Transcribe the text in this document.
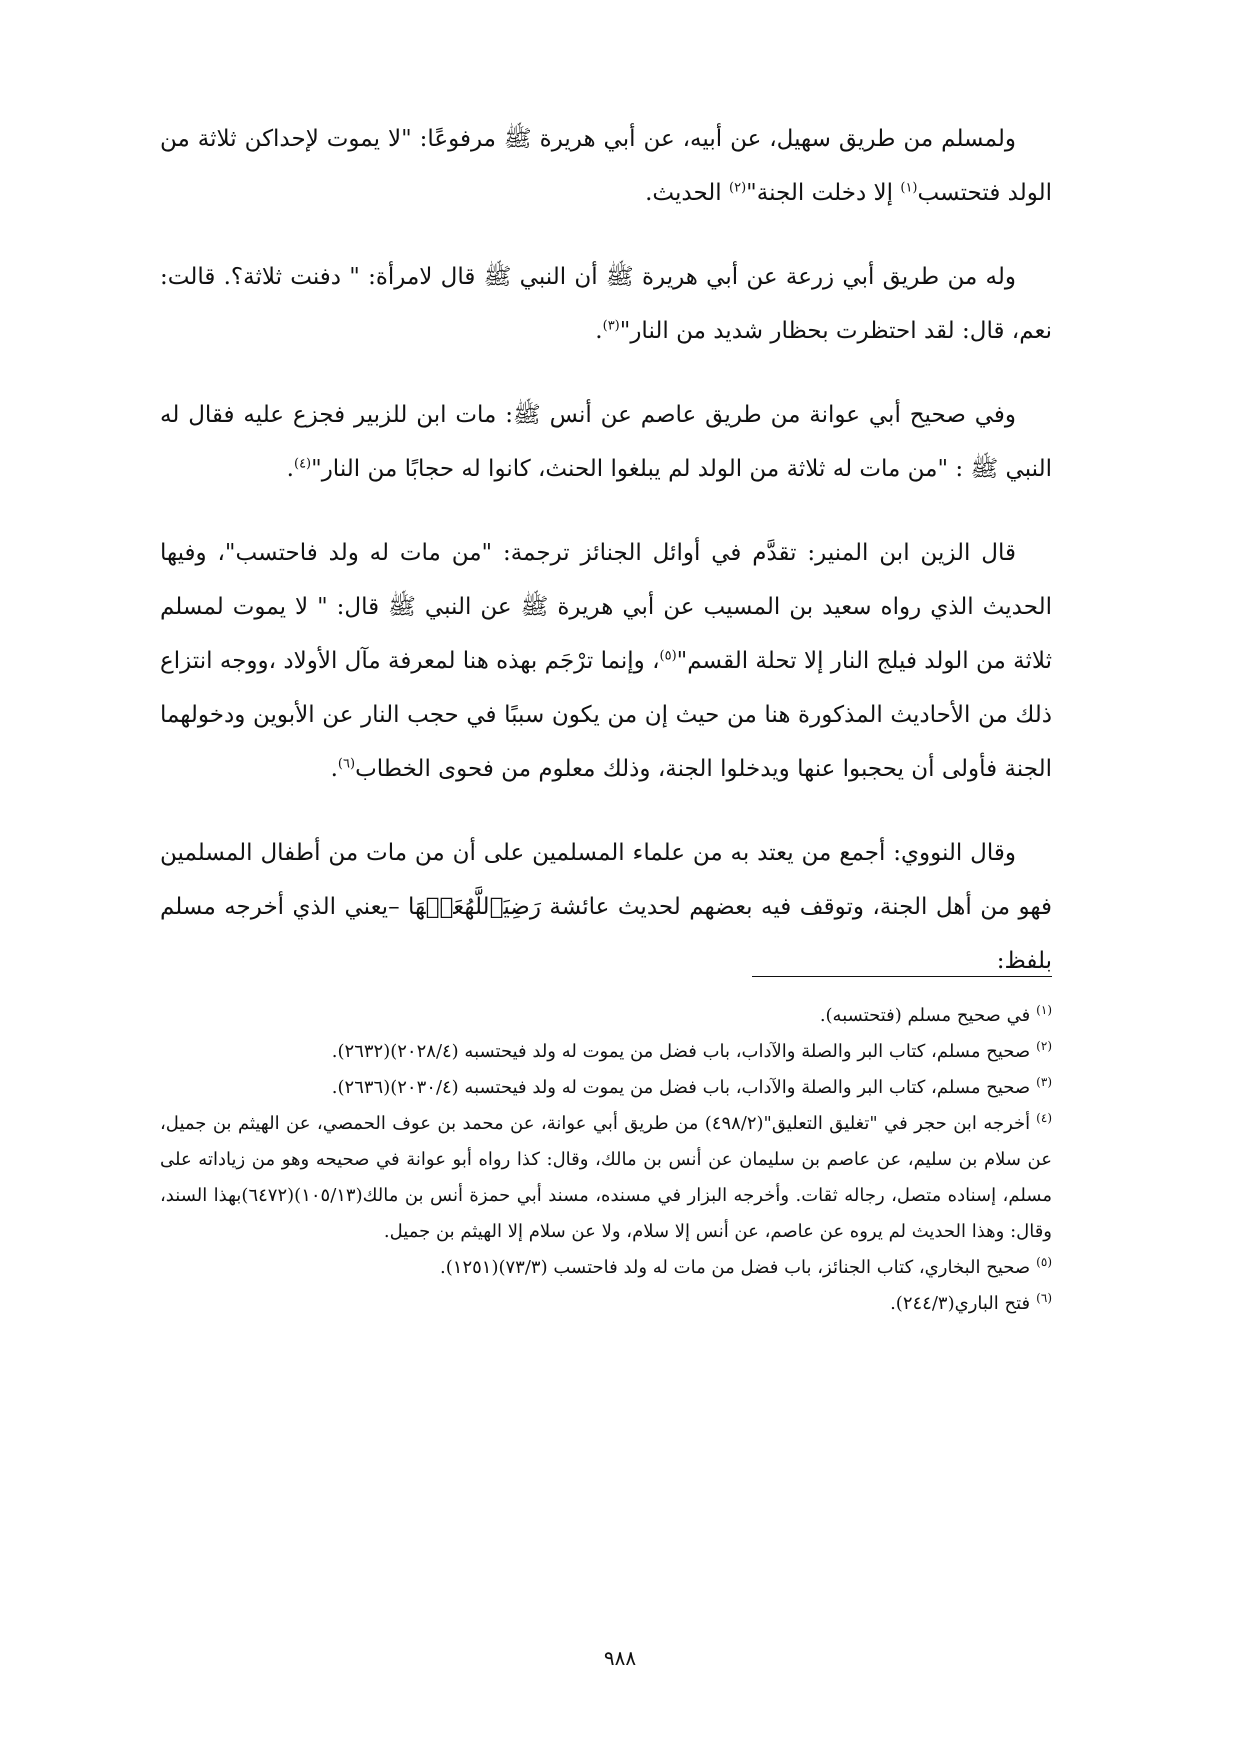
ولمسلم من طريق سهيل، عن أبيه، عن أبي هريرة ﷺ مرفوعًا: "لا يموت لإحداكن ثلاثة من الولد فتحتسب$^{(١)}$ إلا دخلت الجنة"$^{(٢)}$ الحديث.

وله من طريق أبي زرعة عن أبي هريرة ﷺ أن النبي ﷺ قال لامرأة: " دفنت ثلاثة؟. قالت: نعم، قال: لقد احتظرت بحظار شديد من النار"$^{(٣)}$.

وفي صحيح أبي عوانة من طريق عاصم عن أنس ﷺ: مات ابن للزبير فجزع عليه فقال له النبي ﷺ : "من مات له ثلاثة من الولد لم يبلغوا الحنث، كانوا له حجابًا من النار"$^{(٤)}$.

قال الزين ابن المنير: تقدَّم في أوائل الجنائز ترجمة: "من مات له ولد فاحتسب"، وفيها الحديث الذي رواه سعيد بن المسيب عن أبي هريرة ﷺ عن النبي ﷺ قال: " لا يموت لمسلم ثلاثة من الولد فيلج النار إلا تحلة القسم"$^{(٥)}$، وإنما ترْجَم بهذه هنا لمعرفة مآل الأولاد ،ووجه انتزاع ذلك من الأحاديث المذكورة هنا من حيث إن من يكون سببًا في حجب النار عن الأبوين ودخولهما الجنة فأولى أن يحجبوا عنها ويدخلوا الجنة، وذلك معلوم من فحوى الخطاب$^{(٦)}$.

وقال النووي: أجمع من يعتد به من علماء المسلمين على أن من مات من أطفال المسلمين فهو من أهل الجنة، وتوقف فيه بعضهم لحديث عائشة رَضِيَٱللَّهُعَنۡهَا –يعني الذي أخرجه مسلم بلفظ:

$^{(١)}$في صحيح مسلم (فتحتسبه).

$^{(٢)}$صحيح مسلم، كتاب البر والصلة والآداب، باب فضل من يموت له ولد فيحتسبه (٢٠٢٨/٤)(٢٦٣٢).

$^{(٣)}$صحيح مسلم، كتاب البر والصلة والآداب، باب فضل من يموت له ولد فيحتسبه (٢٠٣٠/٤)(٢٦٣٦).

$^{(٤)}$أخرجه ابن حجر في "تغليق التعليق"(٤٩٨/٢) من طريق أبي عوانة، عن محمد بن عوف الحمصي، عن الهيثم بن جميل، عن سلام بن سليم، عن عاصم بن سليمان عن أنس بن مالك، وقال: كذا رواه أبو عوانة في صحيحه وهو من زياداته على مسلم، إسناده متصل، رجاله ثقات. وأخرجه البزار في مسنده، مسند أبي حمزة أنس بن مالك(١٠٥/١٣)(٦٤٧٢)بهذا السند، وقال: وهذا الحديث لم يروه عن عاصم، عن أنس إلا سلام، ولا عن سلام إلا الهيثم بن جميل.

$^{(٥)}$صحيح البخاري، كتاب الجنائز، باب فضل من مات له ولد فاحتسب (٧٣/٣)(١٢٥١).

$^{(٦)}$فتح الباري(٢٤٤/٣).

٩٨٨
